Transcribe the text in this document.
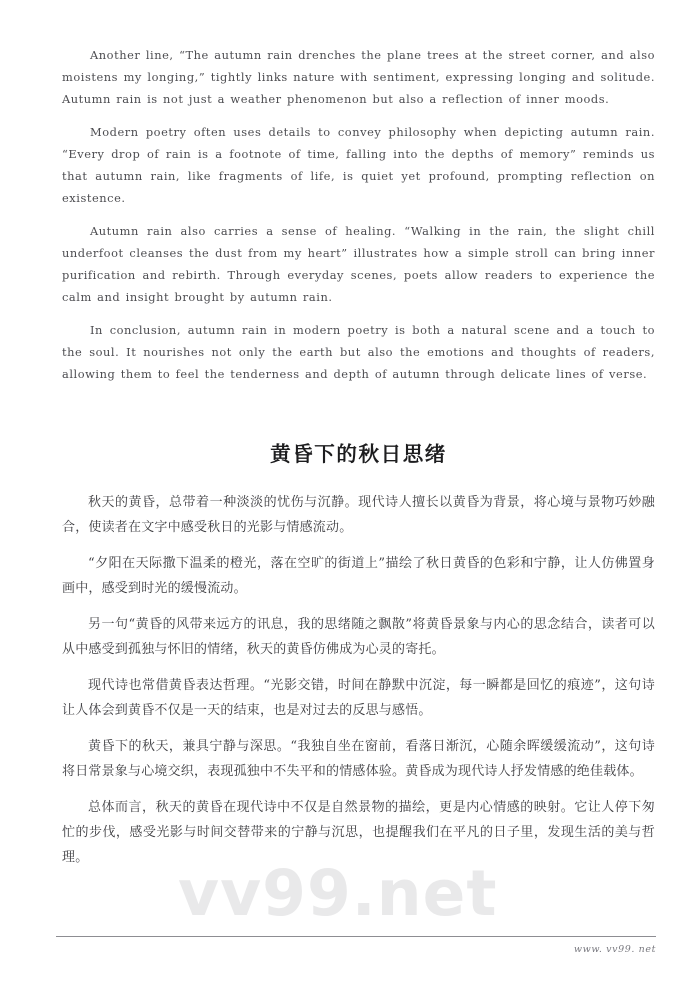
vv99.net

Another line, “The autumn rain drenches the plane trees at the street corner, and also moistens my longing,” tightly links nature with sentiment, expressing longing and solitude. Autumn rain is not just a weather phenomenon but also a reflection of inner moods.

Modern poetry often uses details to convey philosophy when depicting autumn rain. “Every drop of rain is a footnote of time, falling into the depths of memory” reminds us that autumn rain, like fragments of life, is quiet yet profound, prompting reflection on existence.

Autumn rain also carries a sense of healing. “Walking in the rain, the slight chill underfoot cleanses the dust from my heart” illustrates how a simple stroll can bring inner purification and rebirth. Through everyday scenes, poets allow readers to experience the calm and insight brought by autumn rain.

In conclusion, autumn rain in modern poetry is both a natural scene and a touch to the soul. It nourishes not only the earth but also the emotions and thoughts of readers, allowing them to feel the tenderness and depth of autumn through delicate lines of verse.

黄昏下的秋日思绪

秋天的黄昏，总带着一种淡淡的忧伤与沉静。现代诗人擅长以黄昏为背景，将心境与景物巧妙融合，使读者在文字中感受秋日的光影与情感流动。

“夕阳在天际撒下温柔的橙光，落在空旷的街道上”描绘了秋日黄昏的色彩和宁静，让人仿佛置身画中，感受到时光的缓慢流动。

另一句“黄昏的风带来远方的讯息，我的思绪随之飘散”将黄昏景象与内心的思念结合，读者可以从中感受到孤独与怀旧的情绪，秋天的黄昏仿佛成为心灵的寄托。

现代诗也常借黄昏表达哲理。“光影交错，时间在静默中沉淀，每一瞬都是回忆的痕迹”，这句诗让人体会到黄昏不仅是一天的结束，也是对过去的反思与感悟。

黄昏下的秋天，兼具宁静与深思。“我独自坐在窗前，看落日渐沉，心随余晖缓缓流动”，这句诗将日常景象与心境交织，表现孤独中不失平和的情感体验。黄昏成为现代诗人抒发情感的绝佳载体。

总体而言，秋天的黄昏在现代诗中不仅是自然景物的描绘，更是内心情感的映射。它让人停下匆忙的步伐，感受光影与时间交替带来的宁静与沉思，也提醒我们在平凡的日子里，发现生活的美与哲理。

www. vv99. net
